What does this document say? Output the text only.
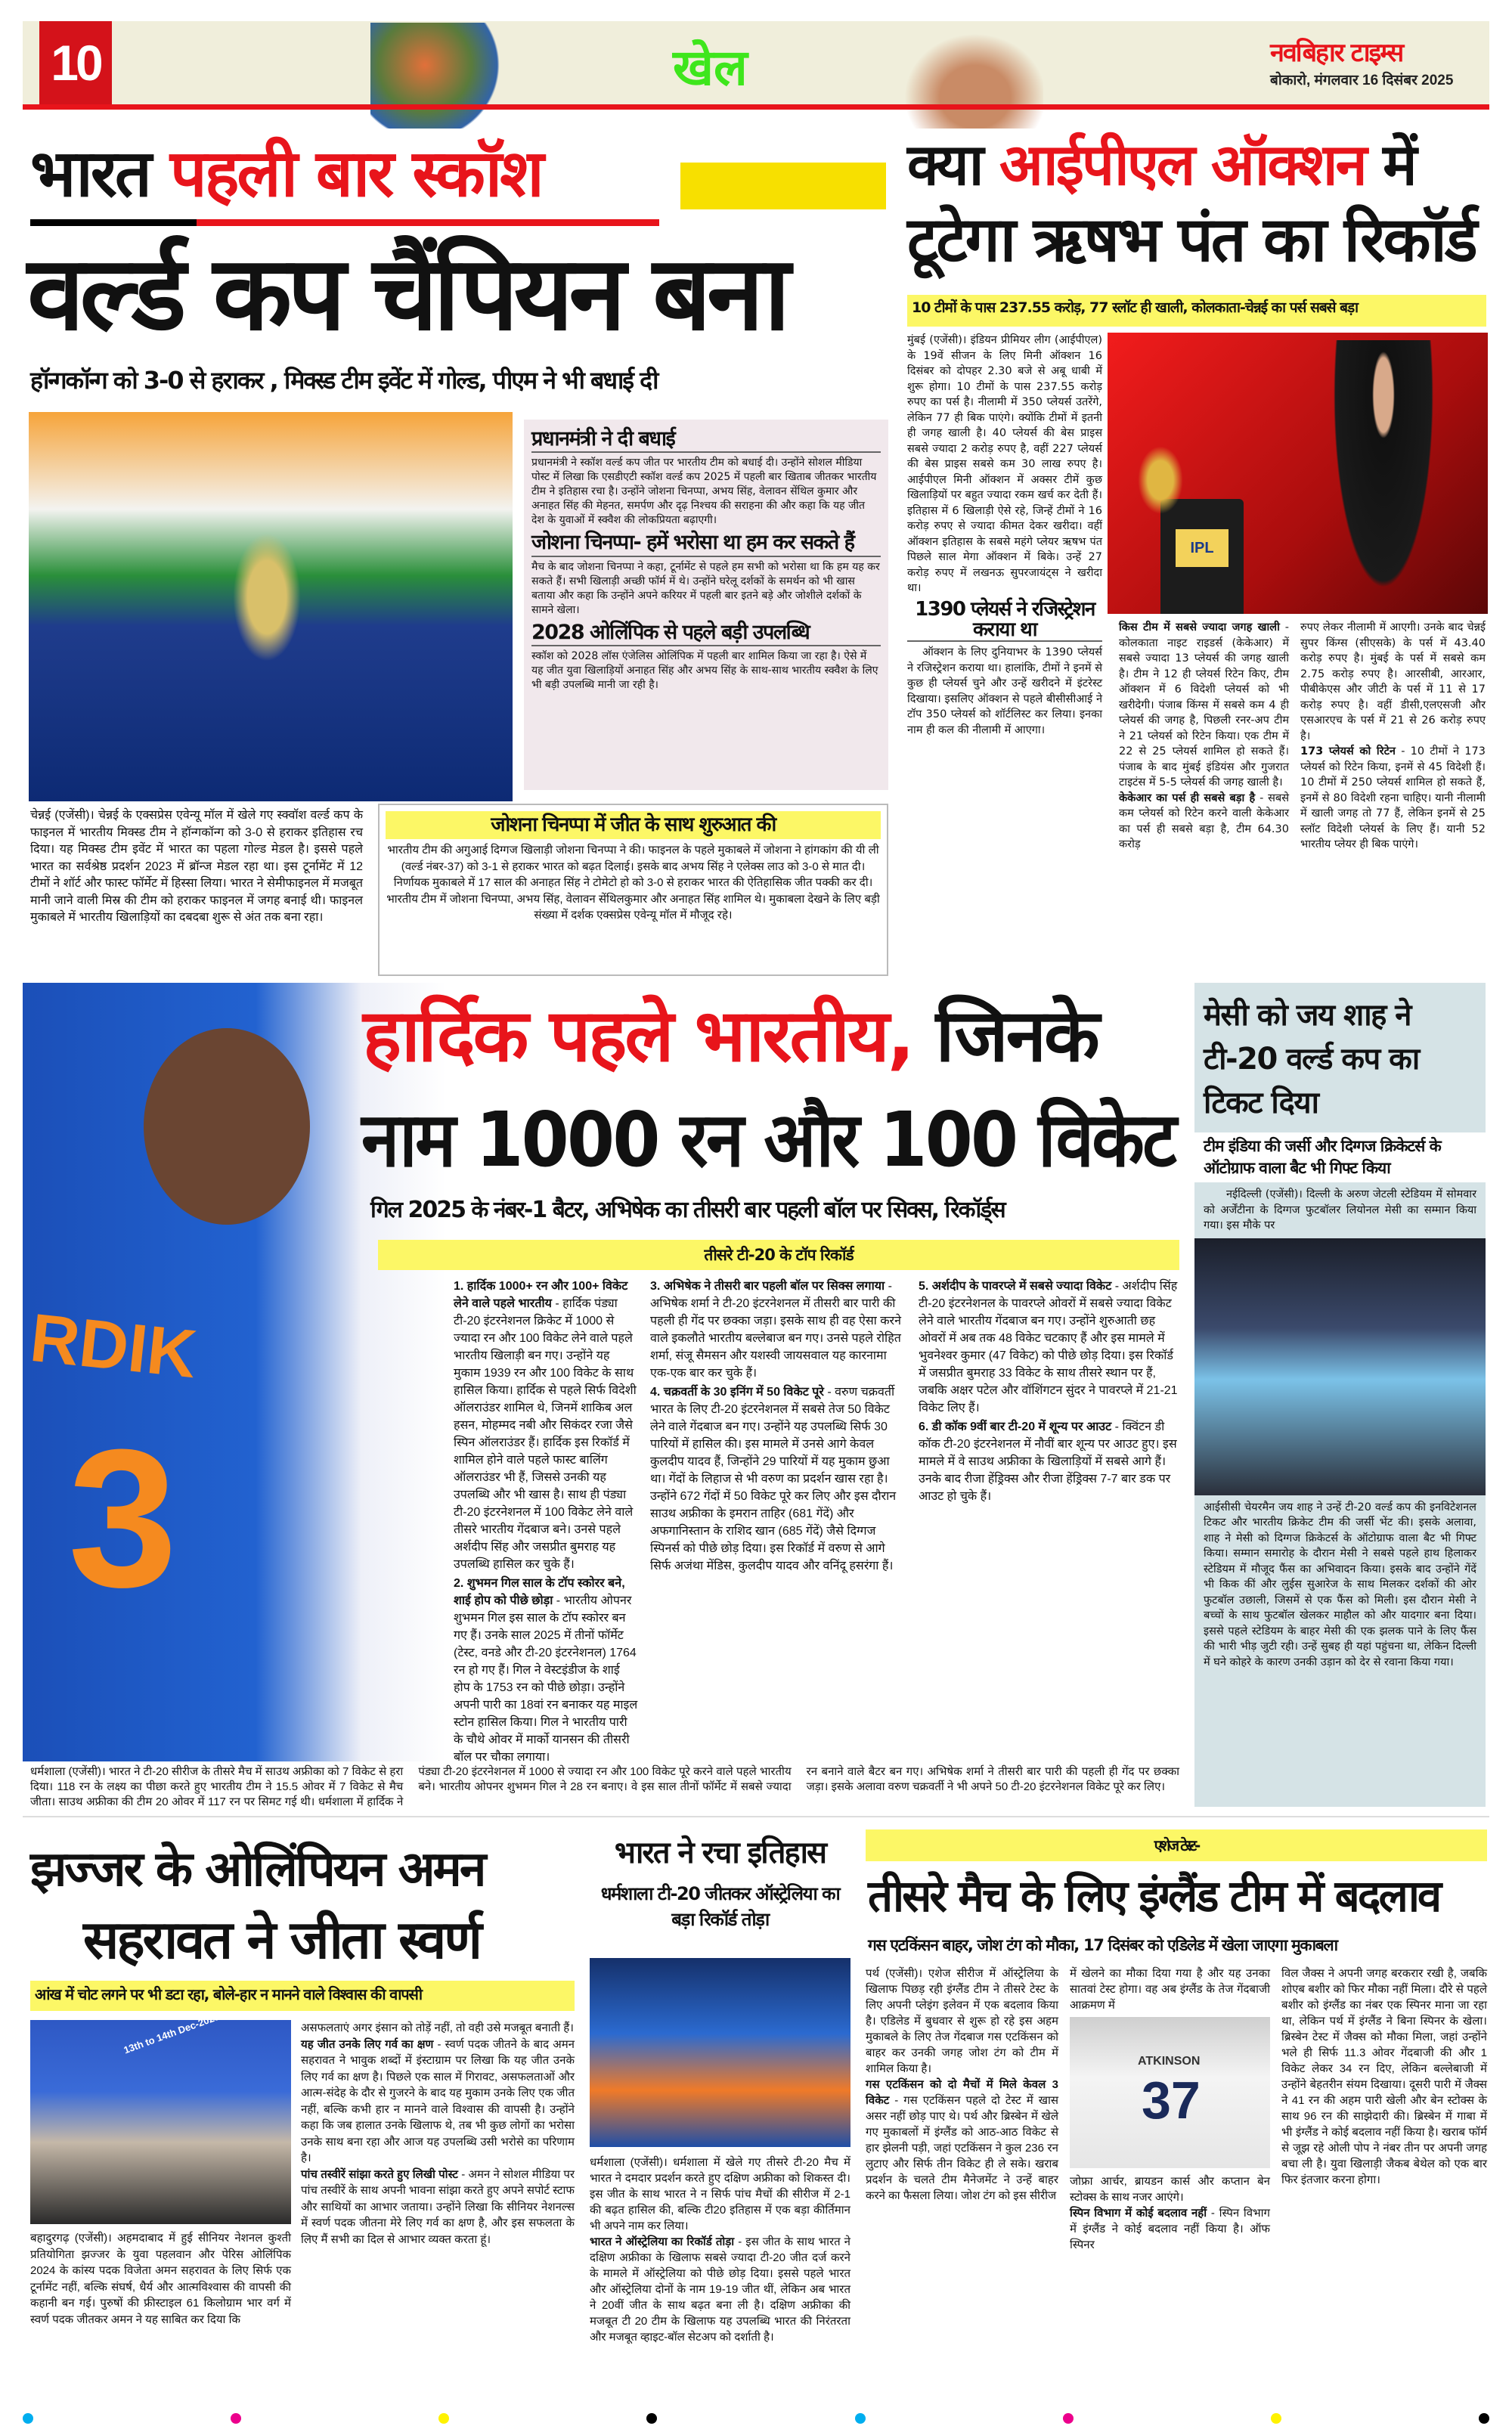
10	खेल	नवबिहार टाइम्स
बोकारो, मंगलवार 16 दिसंबर 2025
भारत पहली बार स्कॉश
वर्ल्ड कप चैंपियन बना
हॉन्गकॉन्ग को 3-0 से हराकर , मिक्स्ड टीम इवेंट में गोल्ड, पीएम ने भी बधाई दी
प्रधानमंत्री ने दी बधाई
प्रधानमंत्री ने स्कॉश वर्ल्ड कप जीत पर भारतीय टीम को बधाई दी। उन्होंने सोशल मीडिया पोस्ट में लिखा कि एसडीएटी स्कॉश वर्ल्ड कप 2025 में पहली बार खिताब जीतकर भारतीय टीम ने इतिहास रचा है। उन्होंने जोशना चिनप्पा, अभय सिंह, वेलावन सेंथिल कुमार और अनाहत सिंह की मेहनत, समर्पण और दृढ़ निश्चय की सराहना की और कहा कि यह जीत देश के युवाओं में स्क्वैश की लोकप्रियता बढ़ाएगी।
जोशना चिनप्पा- हमें भरोसा था हम कर सकते हैं
मैच के बाद जोशना चिनप्पा ने कहा, टूर्नामेंट से पहले हम सभी को भरोसा था कि हम यह कर सकते हैं। सभी खिलाड़ी अच्छी फॉर्म में थे। उन्होंने घरेलू दर्शकों के समर्थन को भी खास बताया और कहा कि उन्होंने अपने करियर में पहली बार इतने बड़े और जोशीले दर्शकों के सामने खेला।
2028 ओलिंपिक से पहले बड़ी उपलब्धि
स्कॉश को 2028 लॉस एंजेलिस ओलिंपिक में पहली बार शामिल किया जा रहा है। ऐसे में यह जीत युवा खिलाड़ियों अनाहत सिंह और अभय सिंह के साथ-साथ भारतीय स्क्वैश के लिए भी बड़ी उपलब्धि मानी जा रही है।
चेन्नई (एजेंसी)। चेन्नई के एक्सप्रेस एवेन्यू मॉल में खेले गए स्क्वॉश वर्ल्ड कप के फाइनल में भारतीय मिक्स्ड टीम ने हॉन्गकॉन्ग को 3-0 से हराकर इतिहास रच दिया। यह मिक्स्ड टीम इवेंट में भारत का पहला गोल्ड मेडल है। इससे पहले भारत का सर्वश्रेष्ठ प्रदर्शन 2023 में ब्रॉन्ज मेडल रहा था। इस टूर्नामेंट में 12 टीमों ने शॉर्ट और फास्ट फॉर्मेट में हिस्सा लिया। भारत ने सेमीफाइनल में मजबूत मानी जाने वाली मिस्र की टीम को हराकर फाइनल में जगह बनाई थी। फाइनल मुकाबले में भारतीय खिलाड़ियों का दबदबा शुरू से अंत तक बना रहा।
जोशना चिनप्पा में जीत के साथ शुरुआत की
भारतीय टीम की अगुआई दिग्गज खिलाड़ी जोशना चिनप्पा ने की। फाइनल के पहले मुकाबले में जोशना ने हांगकांग की यी ली (वर्ल्ड नंबर-37) को 3-1 से हराकर भारत को बढ़त दिलाई। इसके बाद अभय सिंह ने एलेक्स लाउ को 3-0 से मात दी। निर्णायक मुकाबले में 17 साल की अनाहत सिंह ने टोमेटो हो को 3-0 से हराकर भारत की ऐतिहासिक जीत पक्की कर दी। भारतीय टीम में जोशना चिनप्पा, अभय सिंह, वेलावन सेंथिलकुमार और अनाहत सिंह शामिल थे। मुकाबला देखने के लिए बड़ी संख्या में दर्शक एक्सप्रेस एवेन्यू मॉल में मौजूद रहे।
क्या आईपीएल ऑक्शन में
टूटेगा ऋषभ पंत का रिकॉर्ड
10 टीमों के पास 237.55 करोड़, 77 स्लॉट ही खाली, कोलकाता-चेन्नई का पर्स सबसे बड़ा
मुंबई (एजेंसी)। इंडियन प्रीमियर लीग (आईपीएल) के 19वें सीजन के लिए मिनी ऑक्शन 16 दिसंबर को दोपहर 2.30 बजे से अबू धाबी में शुरू होगा। 10 टीमों के पास 237.55 करोड़ रुपए का पर्स है। नीलामी में 350 प्लेयर्स उतरेंगे, लेकिन 77 ही बिक पाएंगे। क्योंकि टीमों में इतनी ही जगह खाली है। 40 प्लेयर्स की बेस प्राइस सबसे ज्यादा 2 करोड़ रुपए है, वहीं 227 प्लेयर्स की बेस प्राइस सबसे कम 30 लाख रुपए है। आईपीएल मिनी ऑक्शन में अक्सर टीमें कुछ खिलाड़ियों पर बहुत ज्यादा रकम खर्च कर देती हैं। इतिहास में 6 खिलाड़ी ऐसे रहे, जिन्हें टीमों ने 16 करोड़ रुपए से ज्यादा कीमत देकर खरीदा। वहीं ऑक्शन इतिहास के सबसे महंगे प्लेयर ऋषभ पंत पिछले साल मेगा ऑक्शन में बिके। उन्हें 27 करोड़ रुपए में लखनऊ सुपरजायंट्स ने खरीदा था।
1390 प्लेयर्स ने रजिस्ट्रेशन कराया था
ऑक्शन के लिए दुनियाभर के 1390 प्लेयर्स ने रजिस्ट्रेशन कराया था। हालांकि, टीमों ने इनमें से कुछ ही प्लेयर्स चुने और उन्हें खरीदने में इंटरेस्ट दिखाया। इसलिए ऑक्शन से पहले बीसीसीआई ने टॉप 350 प्लेयर्स को शॉर्टलिस्ट कर लिया। इनका नाम ही कल की नीलामी में आएगा।
IPL
किस टीम में सबसे ज्यादा जगह खाली - कोलकाता नाइट राइडर्स (केकेआर) में सबसे ज्यादा 13 प्लेयर्स की जगह खाली है। टीम ने 12 ही प्लेयर्स रिटेन किए, टीम ऑक्शन में 6 विदेशी प्लेयर्स को भी खरीदेगी। पंजाब किंग्स में सबसे कम 4 ही प्लेयर्स की जगह है, पिछली रनर-अप टीम ने 21 प्लेयर्स को रिटेन किया। एक टीम में 22 से 25 प्लेयर्स शामिल हो सकते हैं। पंजाब के बाद मुंबई इंडियंस और गुजरात टाइटंस में 5-5 प्लेयर्स की जगह खाली है।
केकेआर का पर्स ही सबसे बड़ा है - सबसे कम प्लेयर्स को रिटेन करने वाली केकेआर का पर्स ही सबसे बड़ा है, टीम 64.30 करोड़
रुपए लेकर नीलामी में आएगी। उनके बाद चेन्नई सुपर किंग्स (सीएसके) के पर्स में 43.40 करोड़ रुपए है। मुंबई के पर्स में सबसे कम 2.75 करोड़ रुपए है। आरसीबी, आरआर, पीबीकेएस और जीटी के पर्स में 11 से 17 करोड़ रुपए है। वहीं डीसी,एलएसजी और एसआरएच के पर्स में 21 से 26 करोड़ रुपए है।
173 प्लेयर्स को रिटेन - 10 टीमों ने 173 प्लेयर्स को रिटेन किया, इनमें से 45 विदेशी हैं। 10 टीमों में 250 प्लेयर्स शामिल हो सकते हैं, इनमें से 80 विदेशी रहना चाहिए। यानी नीलामी में खाली जगह तो 77 हैं, लेकिन इनमें से 25 स्लॉट विदेशी प्लेयर्स के लिए हैं। यानी 52 भारतीय प्लेयर ही बिक पाएंगे।
RDIK
3
हार्दिक पहले भारतीय, जिनके
नाम 1000 रन और 100 विकेट
गिल 2025 के नंबर-1 बैटर, अभिषेक का तीसरी बार पहली बॉल पर सिक्स, रिकॉर्ड्स
तीसरे टी-20 के टॉप रिकॉर्ड

1. हार्दिक 1000+ रन और 100+ विकेट लेने वाले पहले भारतीय - हार्दिक पंड्या टी-20 इंटरनेशनल क्रिकेट में 1000 से ज्यादा रन और 100 विकेट लेने वाले पहले भारतीय खिलाड़ी बन गए। उन्होंने यह मुकाम 1939 रन और 100 विकेट के साथ हासिल किया। हार्दिक से पहले सिर्फ विदेशी ऑलराउंडर शामिल थे, जिनमें शाकिब अल हसन, मोहम्मद नबी और सिकंदर रजा जैसे स्पिन ऑलराउंडर हैं। हार्दिक इस रिकॉर्ड में शामिल होने वाले पहले फास्ट बालिंग ऑलराउंडर भी हैं, जिससे उनकी यह उपलब्धि और भी खास है। साथ ही पंड्या टी-20 इंटरनेशनल में 100 विकेट लेने वाले तीसरे भारतीय गेंदबाज बने। उनसे पहले अर्शदीप सिंह और जसप्रीत बुमराह यह उपलब्धि हासिल कर चुके हैं।

2. शुभमन गिल साल के टॉप स्कोरर बने, शाई होप को पीछे छोड़ा - भारतीय ओपनर शुभमन गिल इस साल के टॉप स्कोरर बन गए हैं। उनके साल 2025 में तीनों फॉर्मेट (टेस्ट, वनडे और टी-20 इंटरनेशनल) 1764 रन हो गए हैं। गिल ने वेस्टइंडीज के शाई होप के 1753 रन को पीछे छोड़ा। उन्होंने अपनी पारी का 18वां रन बनाकर यह माइल स्टोन हासिल किया। गिल ने भारतीय पारी के चौथे ओवर में मार्को यानसन की तीसरी बॉल पर चौका लगाया।

3. अभिषेक ने तीसरी बार पहली बॉल पर सिक्स लगाया - अभिषेक शर्मा ने टी-20 इंटरनेशनल में तीसरी बार पारी की पहली ही गेंद पर छक्का जड़ा। इसके साथ ही वह ऐसा करने वाले इकलौते भारतीय बल्लेबाज बन गए। उनसे पहले रोहित शर्मा, संजू सैमसन और यशस्वी जायसवाल यह कारनामा एक-एक बार कर चुके हैं।

4. चक्रवर्ती के 30 इनिंग में 50 विकेट पूरे - वरुण चक्रवर्ती भारत के लिए टी-20 इंटरनेशनल में सबसे तेज 50 विकेट लेने वाले गेंदबाज बन गए। उन्होंने यह उपलब्धि सिर्फ 30 पारियों में हासिल की। इस मामले में उनसे आगे केवल कुलदीप यादव हैं, जिन्होंने 29 पारियों में यह मुकाम छुआ था। गेंदों के लिहाज से भी वरुण का प्रदर्शन खास रहा है। उन्होंने 672 गेंदों में 50 विकेट पूरे कर लिए और इस दौरान साउथ अफ्रीका के इमरान ताहिर (681 गेंदें) और अफगानिस्तान के राशिद खान (685 गेंदें) जैसे दिग्गज स्पिनर्स को पीछे छोड़ दिया। इस रिकॉर्ड में वरुण से आगे सिर्फ अजंथा मेंडिस, कुलदीप यादव और वनिंदू हसरंगा हैं।

5. अर्शदीप के पावरप्ले में सबसे ज्यादा विकेट - अर्शदीप सिंह टी-20 इंटरनेशनल के पावरप्ले ओवरों में सबसे ज्यादा विकेट लेने वाले भारतीय गेंदबाज बन गए। उन्होंने शुरुआती छह ओवरों में अब तक 48 विकेट चटकाए हैं और इस मामले में भुवनेश्वर कुमार (47 विकेट) को पीछे छोड़ दिया। इस रिकॉर्ड में जसप्रीत बुमराह 33 विकेट के साथ तीसरे स्थान पर हैं, जबकि अक्षर पटेल और वॉशिंगटन सुंदर ने पावरप्ले में 21-21 विकेट लिए हैं।

6. डी कॉक 9वीं बार टी-20 में शून्य पर आउट - क्विंटन डी कॉक टी-20 इंटरनेशनल में नौवीं बार शून्य पर आउट हुए। इस मामले में वे साउथ अफ्रीका के खिलाड़ियों में सबसे आगे हैं। उनके बाद रीजा हेंड्रिक्स और रीजा हेंड्रिक्स 7-7 बार डक पर आउट हो चुके हैं।

धर्मशाला (एजेंसी)। भारत ने टी-20 सीरीज के तीसरे मैच में साउथ अफ्रीका को 7 विकेट से हरा दिया। 118 रन के लक्ष्य का पीछा करते हुए भारतीय टीम ने 15.5 ओवर में 7 विकेट से मैच जीता। साउथ अफ्रीका की टीम 20 ओवर में 117 रन पर सिमट गई थी। धर्मशाला में हार्दिक ने पंड्या टी-20 इंटरनेशनल में 1000 से ज्यादा रन और 100 विकेट पूरे करने वाले पहले भारतीय बने। भारतीय ओपनर शुभमन गिल ने 28 रन बनाए। वे इस साल तीनों फॉर्मेट में सबसे ज्यादा रन बनाने वाले बैटर बन गए। अभिषेक शर्मा ने तीसरी बार पारी की पहली ही गेंद पर छक्का जड़ा। इसके अलावा वरुण चक्रवर्ती ने भी अपने 50 टी-20 इंटरनेशनल विकेट पूरे कर लिए।
मेसी को जय शाह ने टी-20 वर्ल्ड कप का टिकट दिया
टीम इंडिया की जर्सी और दिग्गज क्रिकेटर्स के ऑटोग्राफ वाला बैट भी गिफ्ट किया
नईदिल्ली (एजेंसी)। दिल्ली के अरुण जेटली स्टेडियम में सोमवार को अर्जेंटीना के दिग्गज फुटबॉलर लियोनल मेसी का सम्मान किया गया। इस मौके पर
आईसीसी चेयरमैन जय शाह ने उन्हें टी-20 वर्ल्ड कप की इनविटेशनल टिकट और भारतीय क्रिकेट टीम की जर्सी भेंट की। इसके अलावा, शाह ने मेसी को दिग्गज क्रिकेटर्स के ऑटोग्राफ वाला बैट भी गिफ्ट किया। सम्मान समारोह के दौरान मेसी ने सबसे पहले हाथ हिलाकर स्टेडियम में मौजूद फैंस का अभिवादन किया। इसके बाद उन्होंने गेंदें भी किक कीं और लुईस सुआरेज के साथ मिलकर दर्शकों की ओर फुटबॉल उछाली, जिसमें से एक फैंस को मिली। इस दौरान मेसी ने बच्चों के साथ फुटबॉल खेलकर माहौल को और यादगार बना दिया। इससे पहले स्टेडियम के बाहर मेसी की एक झलक पाने के लिए फैंस की भारी भीड़ जुटी रही। उन्हें सुबह ही यहां पहुंचना था, लेकिन दिल्ली में घने कोहरे के कारण उनकी उड़ान को देर से रवाना किया गया।
झज्जर के ओलिंपियन अमन
सहरावत ने जीता स्वर्ण
आंख में चोट लगने पर भी डटा रहा, बोले-हार न मानने वाले विश्वास की वापसी
13th to 14th Dec-2025
बहादुरगढ़ (एजेंसी)। अहमदाबाद में हुई सीनियर नेशनल कुश्ती प्रतियोगिता झज्जर के युवा पहलवान और पेरिस ओलिंपिक 2024 के कांस्य पदक विजेता अमन सहरावत के लिए सिर्फ एक टूर्नामेंट नहीं, बल्कि संघर्ष, धैर्य और आत्मविश्वास की वापसी की कहानी बन गई। पुरुषों की फ्रीस्टाइल 61 किलोग्राम भार वर्ग में स्वर्ण पदक जीतकर अमन ने यह साबित कर दिया कि
असफलताएं अगर इंसान को तोड़ें नहीं, तो वही उसे मजबूत बनाती हैं।
यह जीत उनके लिए गर्व का क्षण - स्वर्ण पदक जीतने के बाद अमन सहरावत ने भावुक शब्दों में इंस्टाग्राम पर लिखा कि यह जीत उनके लिए गर्व का क्षण है। पिछले एक साल में गिरावट, असफलताओं और आत्म-संदेह के दौर से गुजरने के बाद यह मुकाम उनके लिए एक जीत नहीं, बल्कि कभी हार न मानने वाले विश्वास की वापसी है। उन्होंने कहा कि जब हालात उनके खिलाफ थे, तब भी कुछ लोगों का भरोसा उनके साथ बना रहा और आज यह उपलब्धि उसी भरोसे का परिणाम है।
पांच तस्वीरें सांझा करते हुए लिखी पोस्ट - अमन ने सोशल मीडिया पर पांच तस्वीरें के साथ अपनी भावना सांझा करते हुए अपने सपोर्ट स्टाफ और साथियों का आभार जताया। उन्होंने लिखा कि सीनियर नेशनल्स में स्वर्ण पदक जीतना मेरे लिए गर्व का क्षण है, और इस सफलता के लिए मैं सभी का दिल से आभार व्यक्त करता हूं।
भारत ने रचा इतिहास
धर्मशाला टी-20 जीतकर ऑस्ट्रेलिया का बड़ा रिकॉर्ड तोड़ा
धर्मशाला (एजेंसी)। धर्मशाला में खेले गए तीसरे टी-20 मैच में भारत ने दमदार प्रदर्शन करते हुए दक्षिण अफ्रीका को शिकस्त दी। इस जीत के साथ भारत ने न सिर्फ पांच मैचों की सीरीज में 2-1 की बढ़त हासिल की, बल्कि टी20 इतिहास में एक बड़ा कीर्तिमान भी अपने नाम कर लिया।
भारत ने ऑस्ट्रेलिया का रिकॉर्ड तोड़ा - इस जीत के साथ भारत ने दक्षिण अफ्रीका के खिलाफ सबसे ज्यादा टी-20 जीत दर्ज करने के मामले में ऑस्ट्रेलिया को पीछे छोड़ दिया। इससे पहले भारत और ऑस्ट्रेलिया दोनों के नाम 19-19 जीत थीं, लेकिन अब भारत ने 20वीं जीत के साथ बढ़त बना ली है। दक्षिण अफ्रीका की मजबूत टी 20 टीम के खिलाफ यह उपलब्धि भारत की निरंतरता और मजबूत व्हाइट-बॉल सेटअप को दर्शाती है।
एशेज टेस्ट-
तीसरे मैच के लिए इंग्लैंड टीम में बदलाव
गस एटकिंसन बाहर, जोश टंग को मौका, 17 दिसंबर को एडिलेड में खेला जाएगा मुकाबला
पर्थ (एजेंसी)। एशेज सीरीज में ऑस्ट्रेलिया के खिलाफ पिछड़ रही इंग्लैंड टीम ने तीसरे टेस्ट के लिए अपनी प्लेइंग इलेवन में एक बदलाव किया है। एडिलेड में बुधवार से शुरू हो रहे इस अहम मुकाबले के लिए तेज गेंदबाज गस एटकिंसन को बाहर कर उनकी जगह जोश टंग को टीम में शामिल किया है।
गस एटकिंसन को दो मैचों में मिले केवल 3 विकेट - गस एटकिंसन पहले दो टेस्ट में खास असर नहीं छोड़ पाए थे। पर्थ और ब्रिस्बेन में खेले गए मुकाबलों में इंग्लैंड को आठ-आठ विकेट से हार झेलनी पड़ी, जहां एटकिंसन ने कुल 236 रन लुटाए और सिर्फ तीन विकेट ही ले सके। खराब प्रदर्शन के चलते टीम मैनेजमेंट ने उन्हें बाहर करने का फैसला लिया। जोश टंग को इस सीरीज
में खेलने का मौका दिया गया है और यह उनका सातवां टेस्ट होगा। वह अब इंग्लैंड के तेज गेंदबाजी आक्रमण में
ATKINSON
37
जोफ्रा आर्चर, ब्रायडन कार्स और कप्तान बेन स्टोक्स के साथ नजर आएंगे।
स्पिन विभाग में कोई बदलाव नहीं - स्पिन विभाग में इंग्लैंड ने कोई बदलाव नहीं किया है। ऑफ स्पिनर
विल जैक्स ने अपनी जगह बरकरार रखी है, जबकि शोएब बशीर को फिर मौका नहीं मिला। दौरे से पहले बशीर को इंग्लैंड का नंबर एक स्पिनर माना जा रहा था, लेकिन पर्थ में इंग्लैंड ने बिना स्पिनर के खेला। ब्रिस्बेन टेस्ट में जैक्स को मौका मिला, जहां उन्होंने भले ही सिर्फ 11.3 ओवर गेंदबाजी की और 1 विकेट लेकर 34 रन दिए, लेकिन बल्लेबाजी में उन्होंने बेहतरीन संयम दिखाया। दूसरी पारी में जैक्स ने 41 रन की अहम पारी खेली और बेन स्टोक्स के साथ 96 रन की साझेदारी की। ब्रिस्बेन में गाबा में भी इंग्लैंड ने कोई बदलाव नहीं किया है। खराब फॉर्म से जूझ रहे ओली पोप ने नंबर तीन पर अपनी जगह बचा ली है। युवा खिलाड़ी जैकब बेथेल को एक बार फिर इंतजार करना होगा।
